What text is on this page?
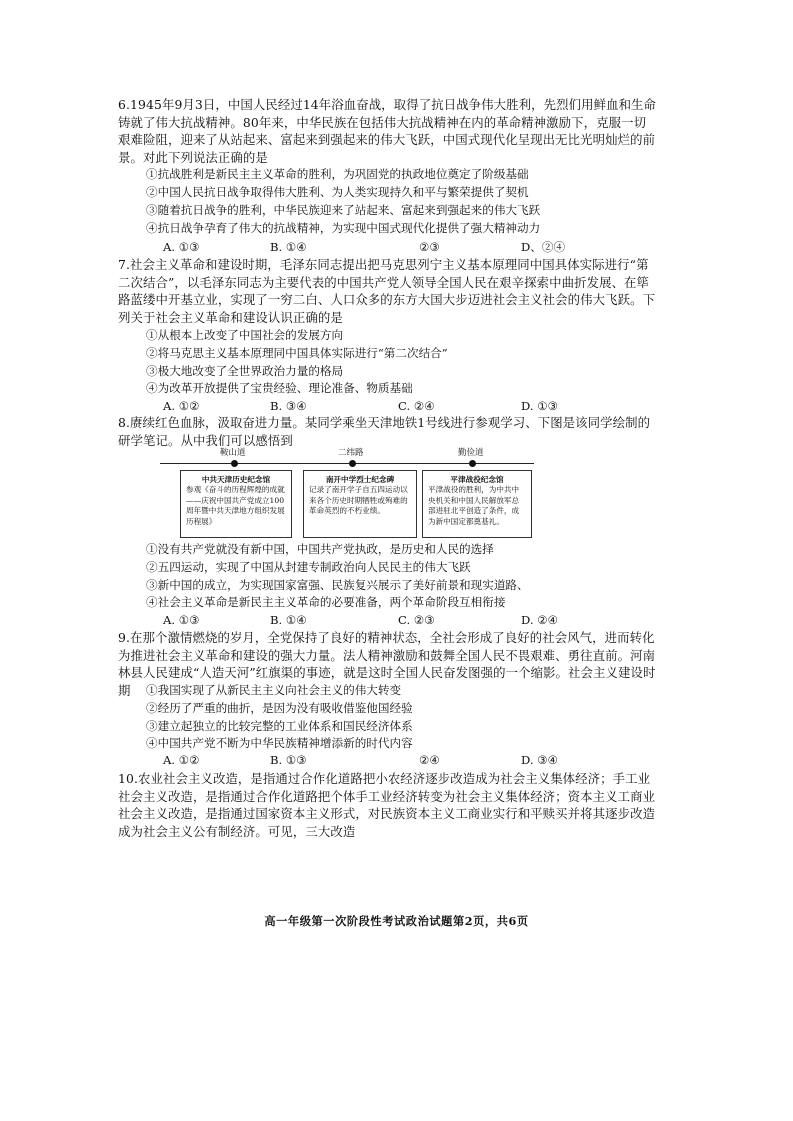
6.1945年9月3日，中国人民经过14年浴血奋战，取得了抗日战争伟大胜利，先烈们用鲜血和生命铸就了伟大抗战精神。80年来，中华民族在包括伟大抗战精神在内的革命精神激励下，克服一切艰难险阻，迎来了从站起来、富起来到强起来的伟大飞跃，中国式现代化呈现出无比光明灿烂的前景。对此下列说法正确的是
①抗战胜利是新民主主义革命的胜利，为巩固党的执政地位奠定了阶级基础
②中国人民抗日战争取得伟大胜利、为人类实现持久和平与繁荣提供了契机
③随着抗日战争的胜利，中华民族迎来了站起来、富起来到强起来的伟大飞跃
④抗日战争孕育了伟大的抗战精神，为实现中国式现代化提供了强大精神动力
A. ①③	B. ①④	②③	D、②④
7.社会主义革命和建设时期，毛泽东同志提出把马克思列宁主义基本原理同中国具体实际进行“第二次结合”，以毛泽东同志为主要代表的中国共产党人领导全国人民在艰辛探索中曲折发展、在筚路蓝缕中开基立业，实现了一穷二白、人口众多的东方大国大步迈进社会主义社会的伟大飞跃。下列关于社会主义革命和建设认识正确的是
①从根本上改变了中国社会的发展方向
②将马克思主义基本原理同中国具体实际进行“第二次结合”
③极大地改变了全世界政治力量的格局
④为改革开放提供了宝贵经验、理论准备、物质基础
A. ①②	B. ③④	C. ②④	D. ①③
8.赓续红色血脉，汲取奋进力量。某同学乘坐天津地铁1号线进行参观学习、下图是该同学绘制的研学笔记。从中我们可以感悟到
鞍山道	二纬路	勤俭道
中共天津历史纪念馆
参观《奋斗的历程辉煌的成就——庆祝中国共产党成立100周年暨中共天津地方组织发展历程展》
南开中学烈士纪念碑
记录了南开学子自五四运动以来各个历史时期牺牲或殉难的革命英烈的不朽业绩。
平津战役纪念馆
平津战役的胜利，为中共中央机关和中国人民解放军总部进驻北平创造了条件，成为新中国定都奠基礼。
①没有共产党就没有新中国，中国共产党执政，是历史和人民的选择
②五四运动，实现了中国从封建专制政治向人民民主的伟大飞跃
③新中国的成立，为实现国家富强、民族复兴展示了美好前景和现实道路、
④社会主义革命是新民主主义革命的必要准备，两个革命阶段互相衔接
A. ①③	B. ①④	C. ②③	D. ②④
9.在那个激情燃烧的岁月，全党保持了良好的精神状态，全社会形成了良好的社会风气，进而转化为推进社会主义革命和建设的强大力量。法人精神激励和鼓舞全国人民不畏艰难、勇往直前。河南林县人民建成“人造天河”红旗渠的事迹，就是这时全国人民奋发图强的一个缩影。社会主义建设时期	①我国实现了从新民主主义向社会主义的伟大转变
②经历了严重的曲折，是因为没有吸收借鉴他国经验
③建立起独立的比较完整的工业体系和国民经济体系
④中国共产党不断为中华民族精神增添新的时代内容
A. ①②	B. ①③	②④	D. ③④
10.农业社会主义改造，是指通过合作化道路把小农经济逐步改造成为社会主义集体经济；手工业社会主义改造，是指通过合作化道路把个体手工业经济转变为社会主义集体经济；资本主义工商业社会主义改造，是指通过国家资本主义形式，对民族资本主义工商业实行和平赎买并将其逐步改造成为社会主义公有制经济。可见，三大改造
高一年级第一次阶段性考试政治试题第2页，共6页
